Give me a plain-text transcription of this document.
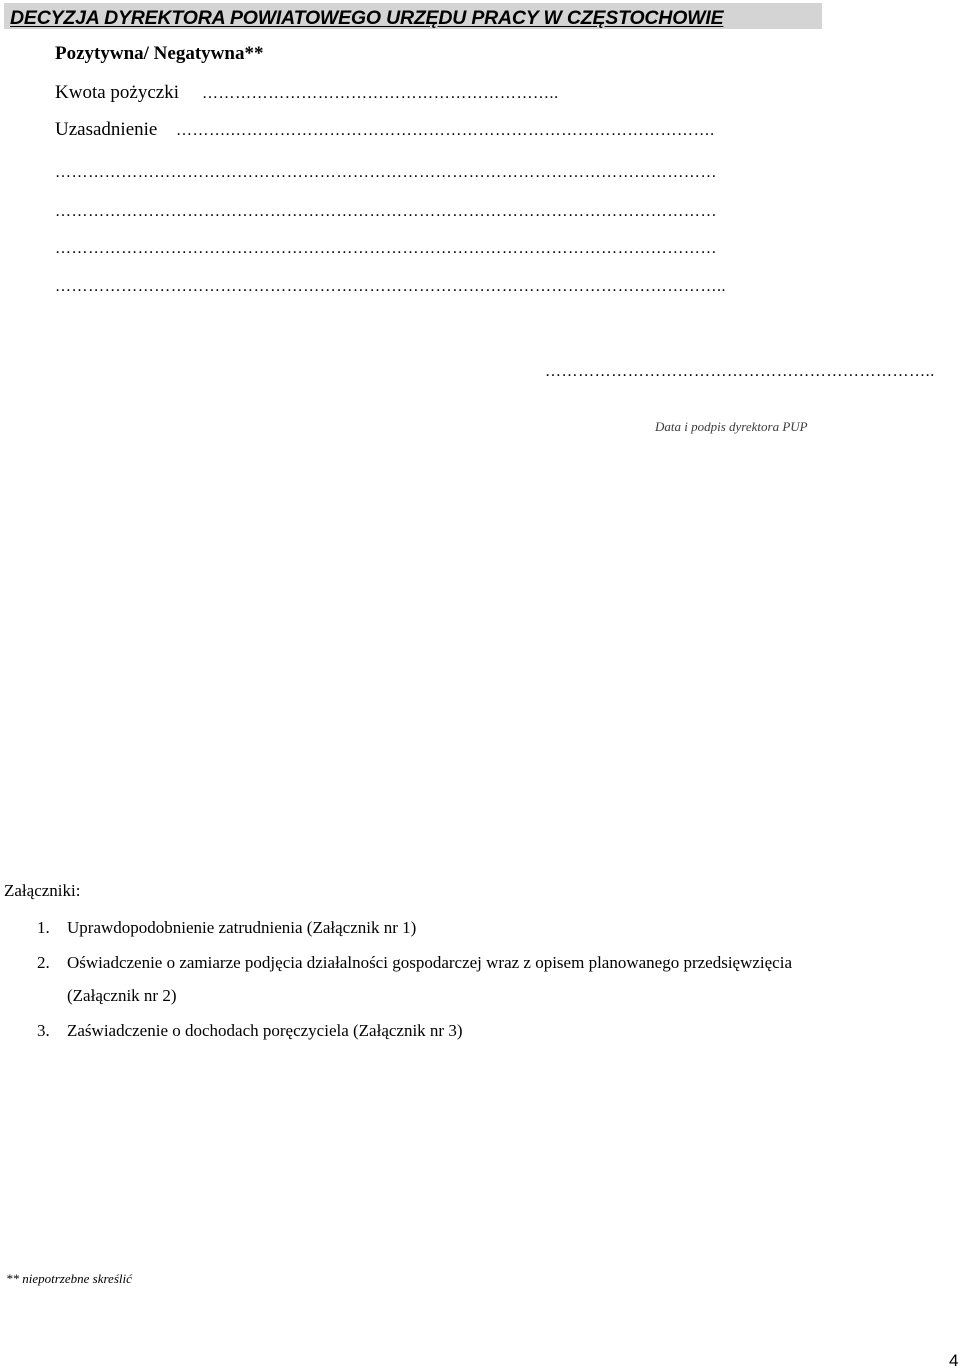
DECYZJA DYREKTORA POWIATOWEGO URZĘDU PRACY W CZĘSTOCHOWIE
Pozytywna/ Negatywna**
Kwota pożyczki ………………………………………………………..
Uzasadnienie ……….…………………………………………………………………………….
…………………………………………………………………………………………………………
…………………………………………………………………………………………………………
…………………………………………………………………………………………………………
…………………………………………………………………………………………………………..
……………………………………………………………..
Data i podpis dyrektora PUP
Załączniki:
1. Uprawdopodobnienie zatrudnienia (Załącznik nr 1)
2. Oświadczenie o zamiarze podjęcia działalności gospodarczej wraz z opisem planowanego przedsięwzięcia
(Załącznik nr 2)
3. Zaświadczenie o dochodach poręczyciela (Załącznik nr 3)
** niepotrzebne skreślić
4
